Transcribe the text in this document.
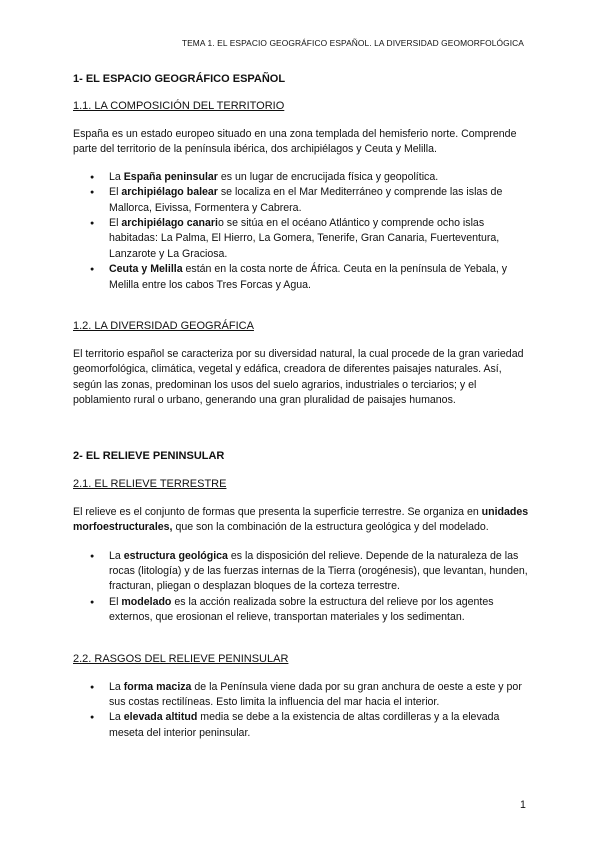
TEMA 1. EL ESPACIO GEOGRÁFICO ESPAÑOL. LA DIVERSIDAD GEOMORFOLÓGICA
1- EL ESPACIO GEOGRÁFICO ESPAÑOL
1.1. LA COMPOSICIÓN DEL TERRITORIO

España es un estado europeo situado en una zona templada del hemisferio norte. Comprende parte del territorio de la península ibérica, dos archipiélagos y Ceuta y Melilla.

● La España peninsular es un lugar de encrucijada física y geopolítica.
● El archipiélago balear se localiza en el Mar Mediterráneo y comprende las islas de Mallorca, Eivissa, Formentera y Cabrera.
● El archipiélago canario se sitúa en el océano Atlántico y comprende ocho islas habitadas: La Palma, El Hierro, La Gomera, Tenerife, Gran Canaria, Fuerteventura, Lanzarote y La Graciosa.
● Ceuta y Melilla están en la costa norte de África. Ceuta en la península de Yebala, y Melilla entre los cabos Tres Forcas y Agua.
1.2. LA DIVERSIDAD GEOGRÁFICA

El territorio español se caracteriza por su diversidad natural, la cual procede de la gran variedad geomorfológica, climática, vegetal y edáfica, creadora de diferentes paisajes naturales. Así, según las zonas, predominan los usos del suelo agrarios, industriales o terciarios; y el poblamiento rural o urbano, generando una gran pluralidad de paisajes humanos.

2- EL RELIEVE PENINSULAR
2.1. EL RELIEVE TERRESTRE

El relieve es el conjunto de formas que presenta la superficie terrestre. Se organiza en unidades morfoestructurales, que son la combinación de la estructura geológica y del modelado.

● La estructura geológica es la disposición del relieve. Depende de la naturaleza de las rocas (litología) y de las fuerzas internas de la Tierra (orogénesis), que levantan, hunden, fracturan, pliegan o desplazan bloques de la corteza terrestre.
● El modelado es la acción realizada sobre la estructura del relieve por los agentes externos, que erosionan el relieve, transportan materiales y los sedimentan.
2.2. RASGOS DEL RELIEVE PENINSULAR
● La forma maciza de la Península viene dada por su gran anchura de oeste a este y por sus costas rectilíneas. Esto limita la influencia del mar hacia el interior.
● La elevada altitud media se debe a la existencia de altas cordilleras y a la elevada meseta del interior peninsular.
1
